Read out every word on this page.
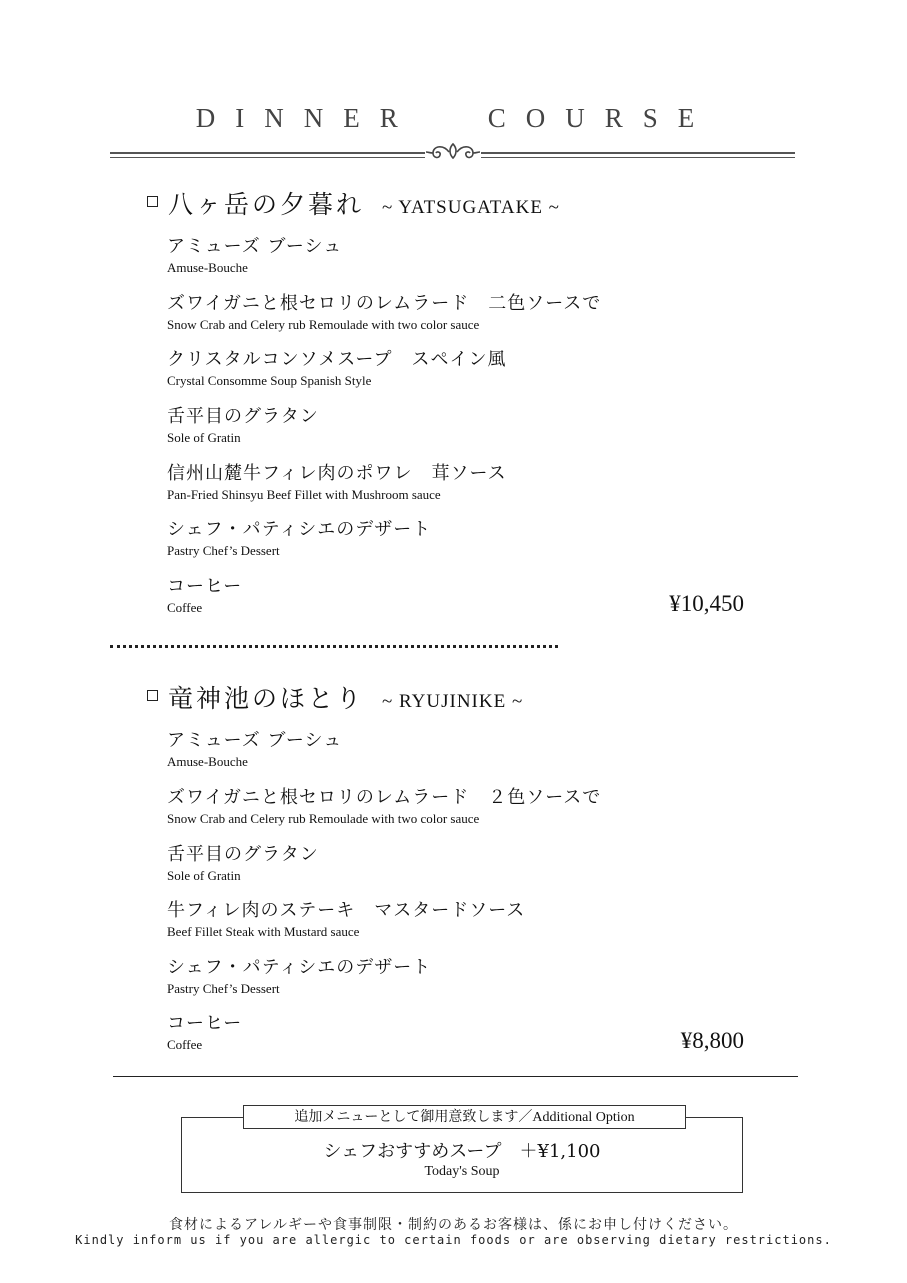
DINNER	COURSE
八ヶ岳の夕暮れ ~ YATSUGATAKE ~
アミューズ ブーシュ
Amuse-Bouche
ズワイガニと根セロリのレムラード　二色ソースで
Snow Crab and Celery rub Remoulade with two color sauce
クリスタルコンソメスープ　スペイン風
Crystal Consomme Soup Spanish Style
舌平目のグラタン
Sole of Gratin
信州山麓牛フィレ肉のポワレ　茸ソース
Pan-Fried Shinsyu Beef Fillet with Mushroom sauce
シェフ・パティシエのデザート
Pastry Chef’s Dessert
コーヒー
Coffee	¥10,450
竜神池のほとり ~ RYUJINIKE ~
アミューズ ブーシュ
Amuse-Bouche
ズワイガニと根セロリのレムラード　２色ソースで
Snow Crab and Celery rub Remoulade with two color sauce
舌平目のグラタン
Sole of Gratin
牛フィレ肉のステーキ　マスタードソース
Beef Fillet Steak with Mustard sauce
シェフ・パティシエのデザート
Pastry Chef’s Dessert
コーヒー
Coffee	¥8,800
追加メニューとして御用意致します／Additional Option
シェフおすすめスープ　＋¥1,100
Today's Soup
食材によるアレルギーや食事制限・制約のあるお客様は、係にお申し付けください。
Kindly inform us if you are allergic to certain foods or are observing dietary restrictions.
